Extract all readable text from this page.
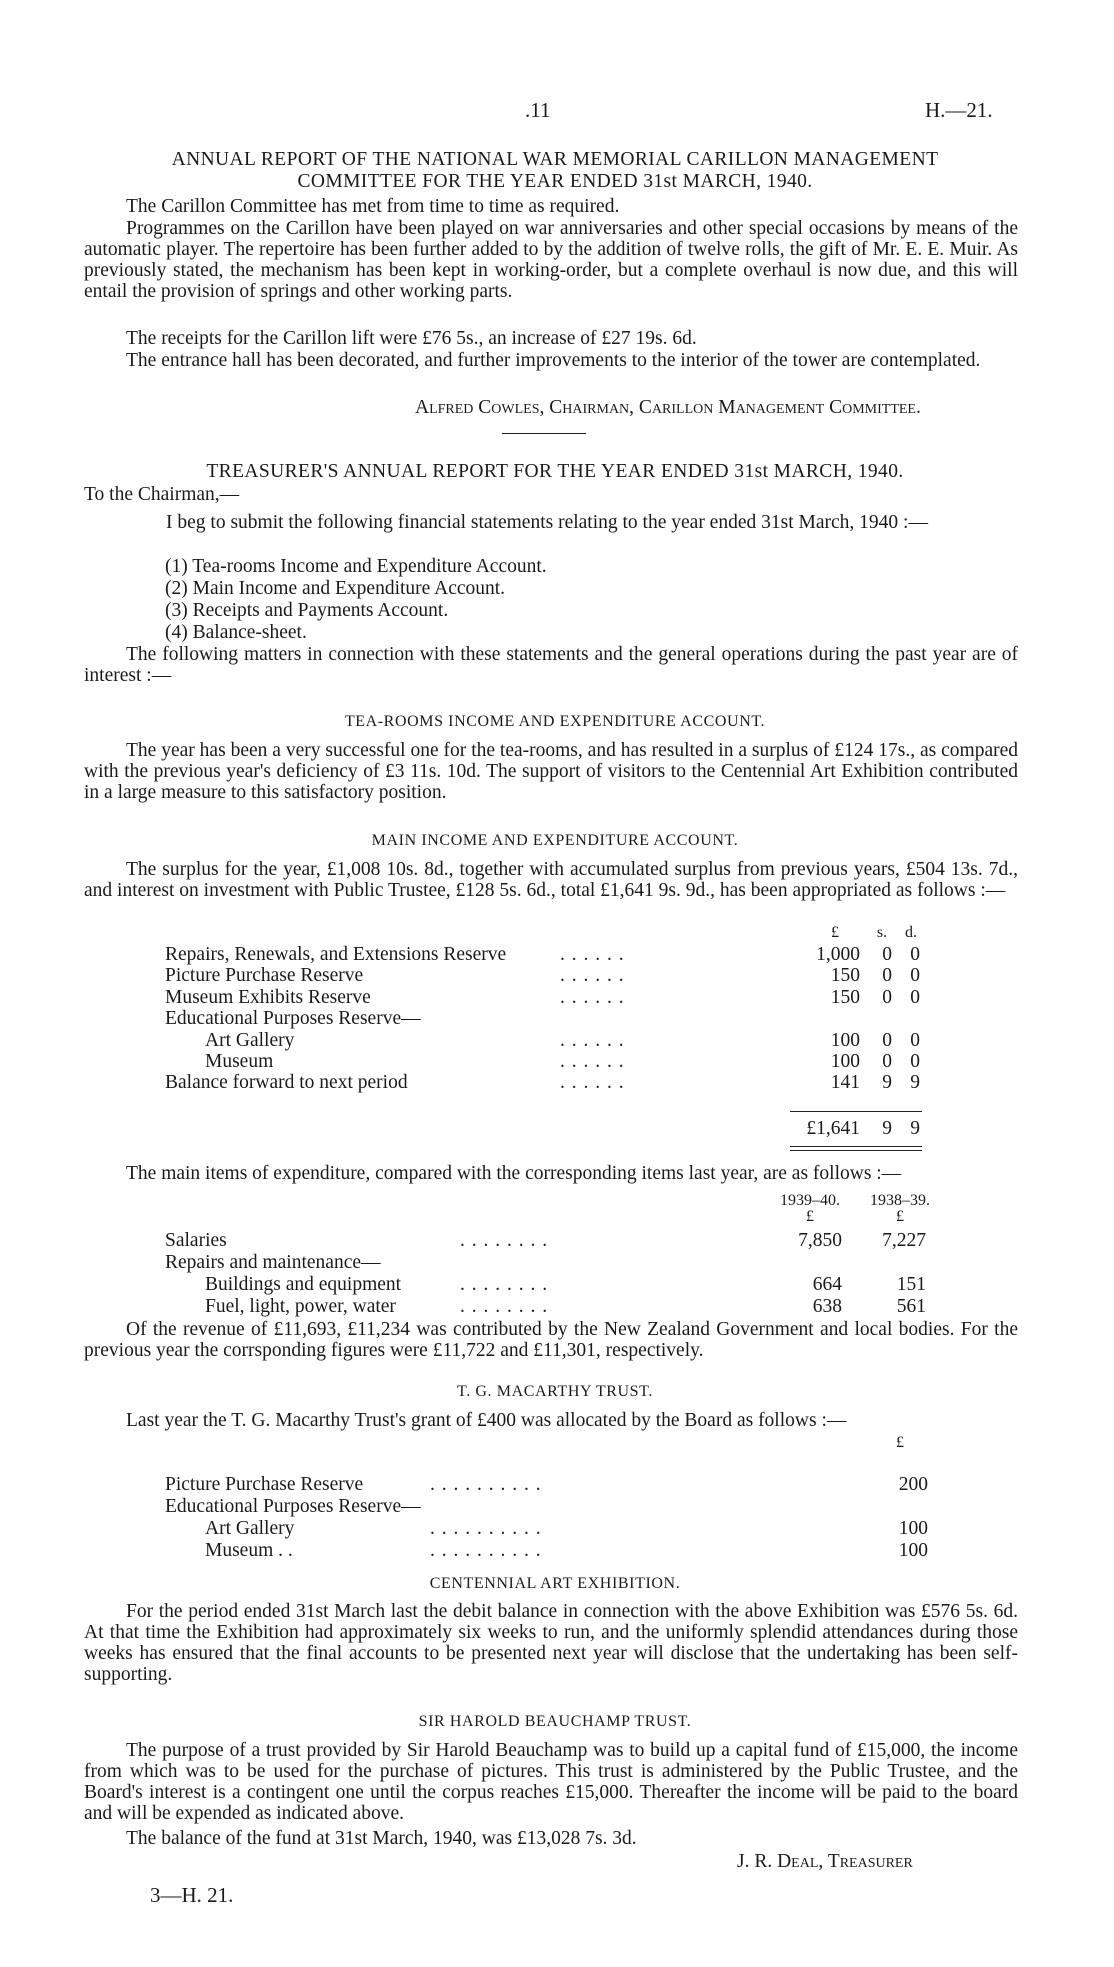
.11	H.—21.
ANNUAL REPORT OF THE NATIONAL WAR MEMORIAL CARILLON MANAGEMENT
COMMITTEE FOR THE YEAR ENDED 31st MARCH, 1940.
The Carillon Committee has met from time to time as required.
Programmes on the Carillon have been played on war anniversaries and other special occasions by means of the automatic player. The repertoire has been further added to by the addition of twelve rolls, the gift of Mr. E. E. Muir. As previously stated, the mechanism has been kept in working-order, but a complete overhaul is now due, and this will entail the provision of springs and other working parts.
The receipts for the Carillon lift were £76 5s., an increase of £27 19s. 6d.
The entrance hall has been decorated, and further improvements to the interior of the tower are contemplated.
Alfred Cowles, Chairman, Carillon Management Committee.
TREASURER'S ANNUAL REPORT FOR THE YEAR ENDED 31st MARCH, 1940.
To the Chairman,—
I beg to submit the following financial statements relating to the year ended 31st March, 1940 :—
(1) Tea-rooms Income and Expenditure Account.
(2) Main Income and Expenditure Account.
(3) Receipts and Payments Account.
(4) Balance-sheet.
The following matters in connection with these statements and the general operations during the past year are of interest :—
TEA-ROOMS INCOME AND EXPENDITURE ACCOUNT.
The year has been a very successful one for the tea-rooms, and has resulted in a surplus of £124 17s., as compared with the previous year's deficiency of £3 11s. 10d. The support of visitors to the Centennial Art Exhibition contributed in a large measure to this satisfactory position.
MAIN INCOME AND EXPENDITURE ACCOUNT.
The surplus for the year, £1,008 10s. 8d., together with accumulated surplus from previous years, £504 13s. 7d., and interest on investment with Public Trustee, £128 5s. 6d., total £1,641 9s. 9d., has been appropriated as follows :—
£	s.	d.
Repairs, Renewals, and Extensions Reserve	. . . . . .	1,000	0 0
Picture Purchase Reserve	. . . . . .	150	0 0
Museum Exhibits Reserve	. . . . . .	150	0 0
Educational Purposes Reserve—
Art Gallery	. . . . . .	100	0 0
Museum	. . . . . .	100	0 0
Balance forward to next period	. . . . . .	141	9 9
£1,641	9 9
The main items of expenditure, compared with the corresponding items last year, are as follows :—
1939–40.	1938–39.
£	£
Salaries	. . . . . . . .	7,850	7,227
Repairs and maintenance—
Buildings and equipment	. . . . . . . .	664	151
Fuel, light, power, water	. . . . . . . .	638	561
Of the revenue of £11,693, £11,234 was contributed by the New Zealand Government and local bodies. For the previous year the corrsponding figures were £11,722 and £11,301, respectively.
T. G. MACARTHY TRUST.
Last year the T. G. Macarthy Trust's grant of £400 was allocated by the Board as follows :—
£
Picture Purchase Reserve	. . . . . . . . . .	200
Educational Purposes Reserve—
Art Gallery	. . . . . . . . . .	100
Museum . .	. . . . . . . . . .	100
CENTENNIAL ART EXHIBITION.
For the period ended 31st March last the debit balance in connection with the above Exhibition was £576 5s. 6d. At that time the Exhibition had approximately six weeks to run, and the uniformly splendid attendances during those weeks has ensured that the final accounts to be presented next year will disclose that the undertaking has been self-supporting.
SIR HAROLD BEAUCHAMP TRUST.
The purpose of a trust provided by Sir Harold Beauchamp was to build up a capital fund of £15,000, the income from which was to be used for the purchase of pictures. This trust is administered by the Public Trustee, and the Board's interest is a contingent one until the corpus reaches £15,000. Thereafter the income will be paid to the board and will be expended as indicated above.
The balance of the fund at 31st March, 1940, was £13,028 7s. 3d.
J. R. Deal, Treasurer
3—H. 21.
